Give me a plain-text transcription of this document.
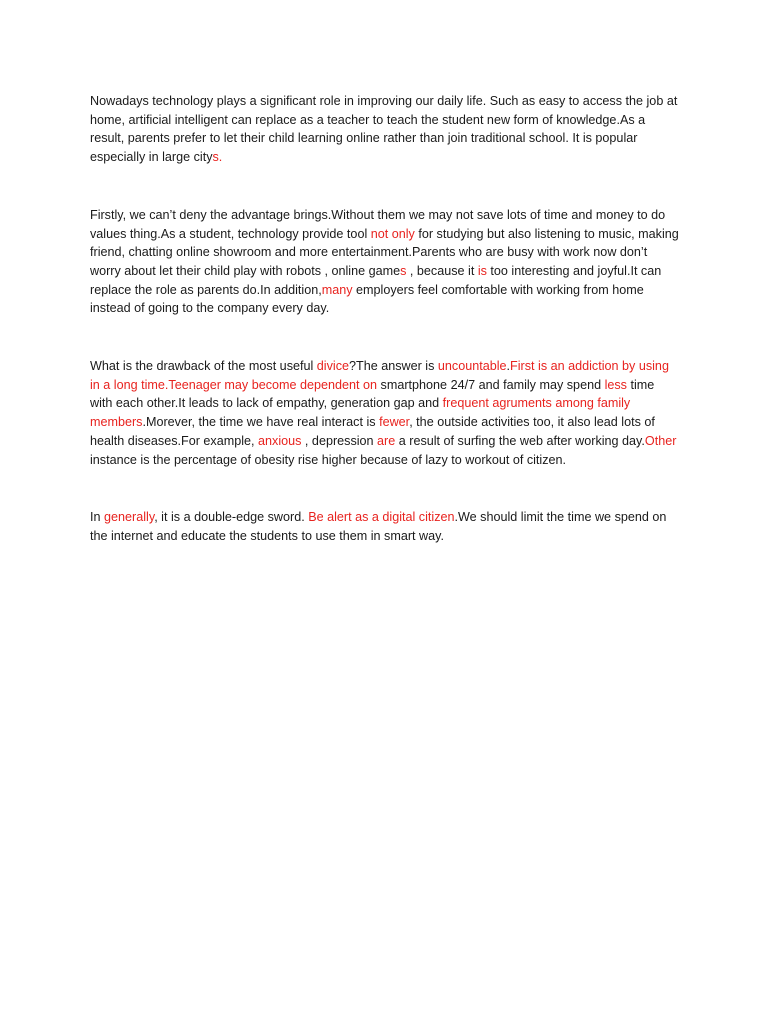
Nowadays technology plays a significant role in improving our daily life. Such as easy to access the job at home, artificial intelligent can replace as a teacher to teach the student new form of knowledge.As a result, parents prefer to let their child learning online rather than join traditional school. It is popular especially in large citys.

Firstly, we can’t deny the advantage brings.Without them we may not save lots of time and money to do values thing.As a student, technology provide tool not only for studying but also listening to music, making friend, chatting online showroom and more entertainment.Parents who are busy with work now don’t worry about let their child play with robots , online games , because it is too interesting and joyful.It can replace the role as parents do.In addition,many employers feel comfortable with working from home instead of going to the company every day.

What is the drawback of the most useful divice?The answer is uncountable.First is an addiction by using in a long time.Teenager may become dependent on smartphone 24/7 and family may spend less time with each other.It leads to lack of empathy, generation gap and frequent agruments among family members.Morever, the time we have real interact is fewer, the outside activities too, it also lead lots of health diseases.For example, anxious , depression are a result of surfing the web after working day.Other instance is the percentage of obesity rise higher because of lazy to workout of citizen.

In generally, it is a double-edge sword. Be alert as a digital citizen.We should limit the time we spend on the internet and educate the students to use them in smart way.
